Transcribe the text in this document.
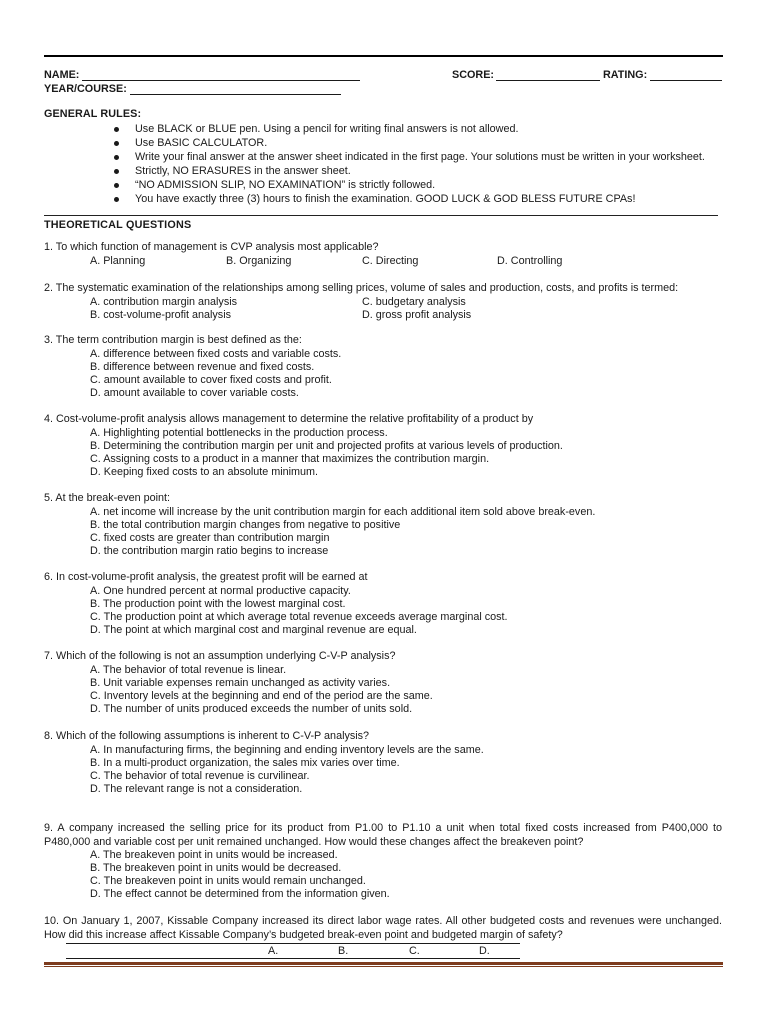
NAME:	SCORE:	RATING:
YEAR/COURSE:
GENERAL RULES:
Use BLACK or BLUE pen. Using a pencil for writing final answers is not allowed.
Use BASIC CALCULATOR.
Write your final answer at the answer sheet indicated in the first page. Your solutions must be written in your worksheet.
Strictly, NO ERASURES in the answer sheet.
“NO ADMISSION SLIP, NO EXAMINATION” is strictly followed.
You have exactly three (3) hours to finish the examination. GOOD LUCK & GOD BLESS FUTURE CPAs!
THEORETICAL QUESTIONS
1. To which function of management is CVP analysis most applicable?
A. Planning	B. Organizing	C. Directing	D. Controlling
2. The systematic examination of the relationships among selling prices, volume of sales and production, costs, and profits is termed:
A. contribution margin analysis	C. budgetary analysis
B. cost-volume-profit analysis	D. gross profit analysis
3. The term contribution margin is best defined as the:
A. difference between fixed costs and variable costs.
B. difference between revenue and fixed costs.
C. amount available to cover fixed costs and profit.
D. amount available to cover variable costs.
4. Cost-volume-profit analysis allows management to determine the relative profitability of a product by
A. Highlighting potential bottlenecks in the production process.
B. Determining the contribution margin per unit and projected profits at various levels of production.
C. Assigning costs to a product in a manner that maximizes the contribution margin.
D. Keeping fixed costs to an absolute minimum.
5. At the break-even point:
A. net income will increase by the unit contribution margin for each additional item sold above break-even.
B. the total contribution margin changes from negative to positive
C. fixed costs are greater than contribution margin
D. the contribution margin ratio begins to increase
6. In cost-volume-profit analysis, the greatest profit will be earned at
A. One hundred percent at normal productive capacity.
B. The production point with the lowest marginal cost.
C. The production point at which average total revenue exceeds average marginal cost.
D. The point at which marginal cost and marginal revenue are equal.
7. Which of the following is not an assumption underlying C-V-P analysis?
A. The behavior of total revenue is linear.
B. Unit variable expenses remain unchanged as activity varies.
C. Inventory levels at the beginning and end of the period are the same.
D. The number of units produced exceeds the number of units sold.
8. Which of the following assumptions is inherent to C-V-P analysis?
A. In manufacturing firms, the beginning and ending inventory levels are the same.
B. In a multi-product organization, the sales mix varies over time.
C. The behavior of total revenue is curvilinear.
D. The relevant range is not a consideration.
9. A company increased the selling price for its product from P1.00 to P1.10 a unit when total fixed costs increased from P400,000 to
P480,000 and variable cost per unit remained unchanged. How would these changes affect the breakeven point?
A. The breakeven point in units would be increased.
B. The breakeven point in units would be decreased.
C. The breakeven point in units would remain unchanged.
D. The effect cannot be determined from the information given.
10. On January 1, 2007, Kissable Company increased its direct labor wage rates. All other budgeted costs and revenues were unchanged.
How did this increase affect Kissable Company’s budgeted break-even point and budgeted margin of safety?
A.	B.	C.	D.
